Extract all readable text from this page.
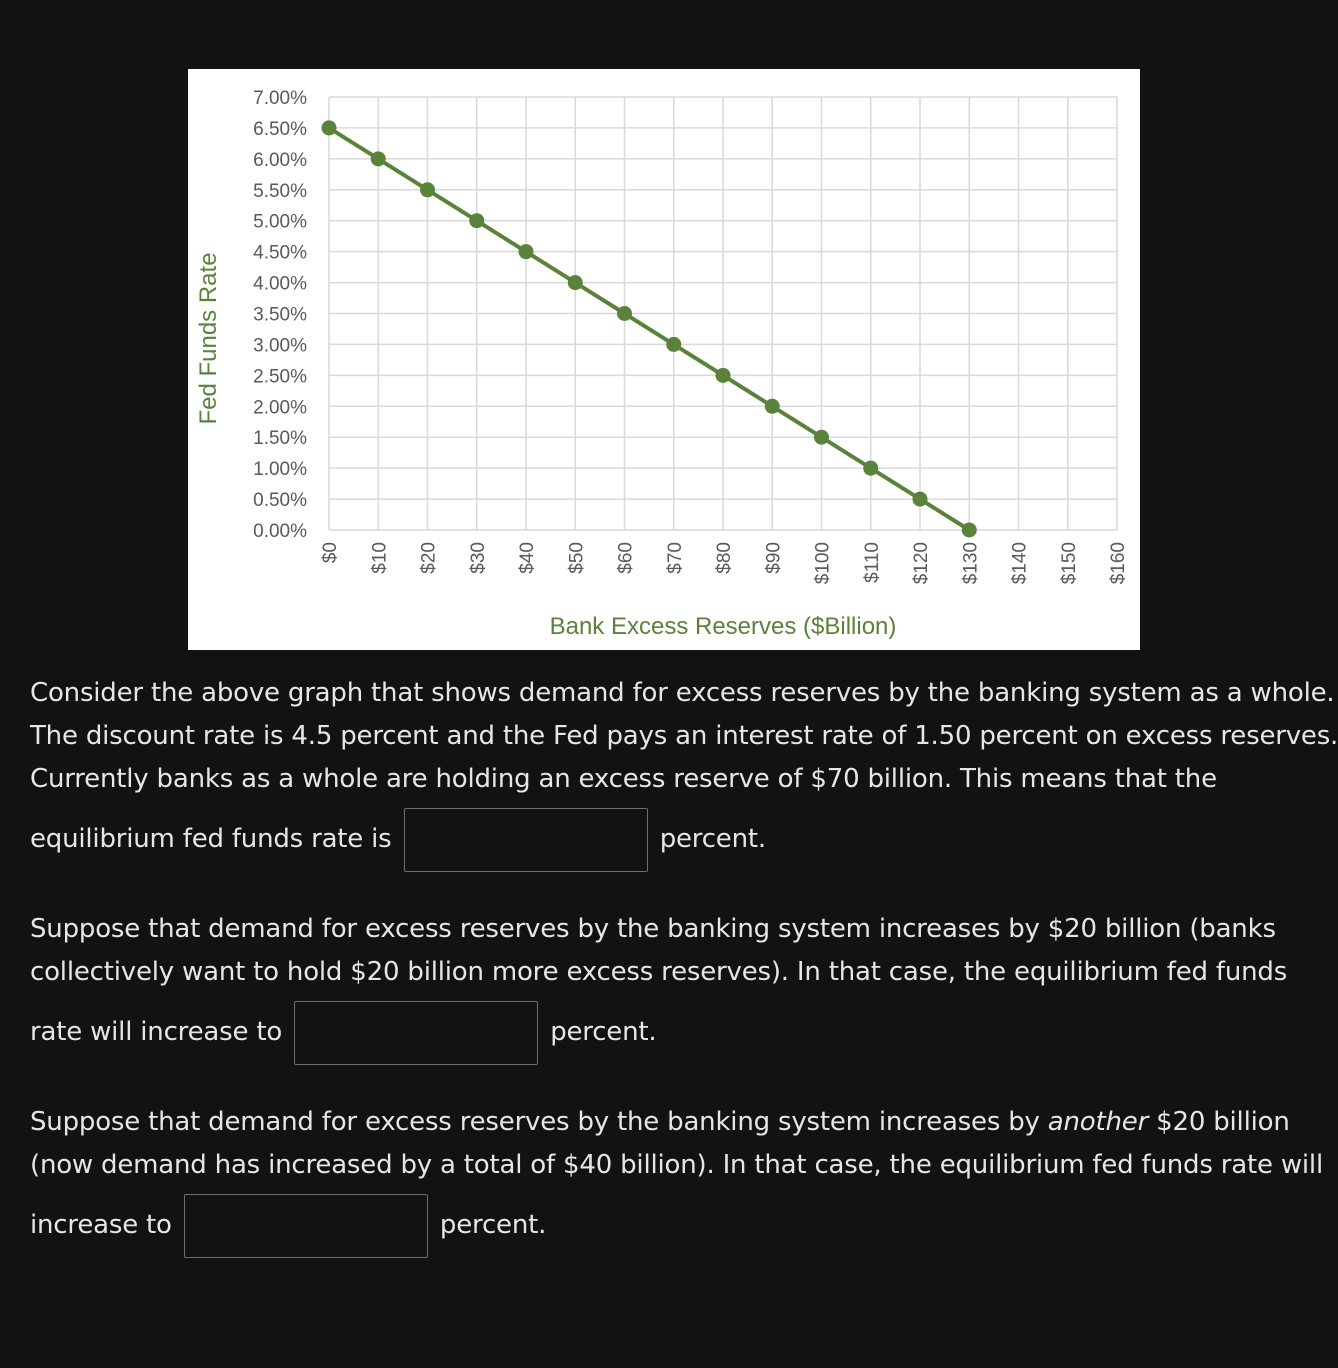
0.00%
0.50%
1.00%
1.50%
2.00%
2.50%
3.00%
3.50%
4.00%
4.50%
5.00%
5.50%
6.00%
6.50%
7.00%
$0 $10 $20 $30 $40 $50 $60 $70 $80 $90 $100 $110 $120 $130 $140 $150 $160
Bank Excess Reserves ($Billion)
Fed Funds Rate
Consider the above graph that shows demand for excess reserves by the banking system as a whole.
The discount rate is 4.5 percent and the Fed pays an interest rate of 1.50 percent on excess reserves.
Currently banks as a whole are holding an excess reserve of $70 billion. This means that the
equilibrium fed funds rate is	percent.
Suppose that demand for excess reserves by the banking system increases by $20 billion (banks
collectively want to hold $20 billion more excess reserves). In that case, the equilibrium fed funds
rate will increase to	percent.
Suppose that demand for excess reserves by the banking system increases by another $20 billion
(now demand has increased by a total of $40 billion). In that case, the equilibrium fed funds rate will
increase to	percent.
